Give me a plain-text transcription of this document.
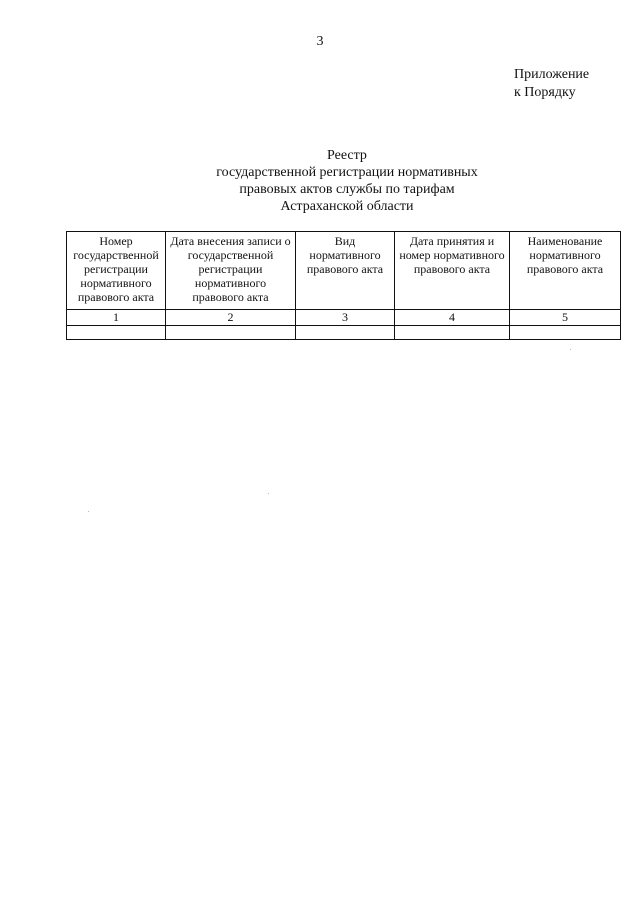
3
Приложение
к Порядку
Реестр
государственной регистрации нормативных
правовых актов службы по тарифам
Астраханской области
Номер государственной регистрации нормативного правового акта	Дата внесения записи о государственной регистрации нормативного правового акта	Вид нормативного правового акта	Дата принятия и номер нормативного правового акта	Наименование нормативного правового акта
1	2	3	4	5
